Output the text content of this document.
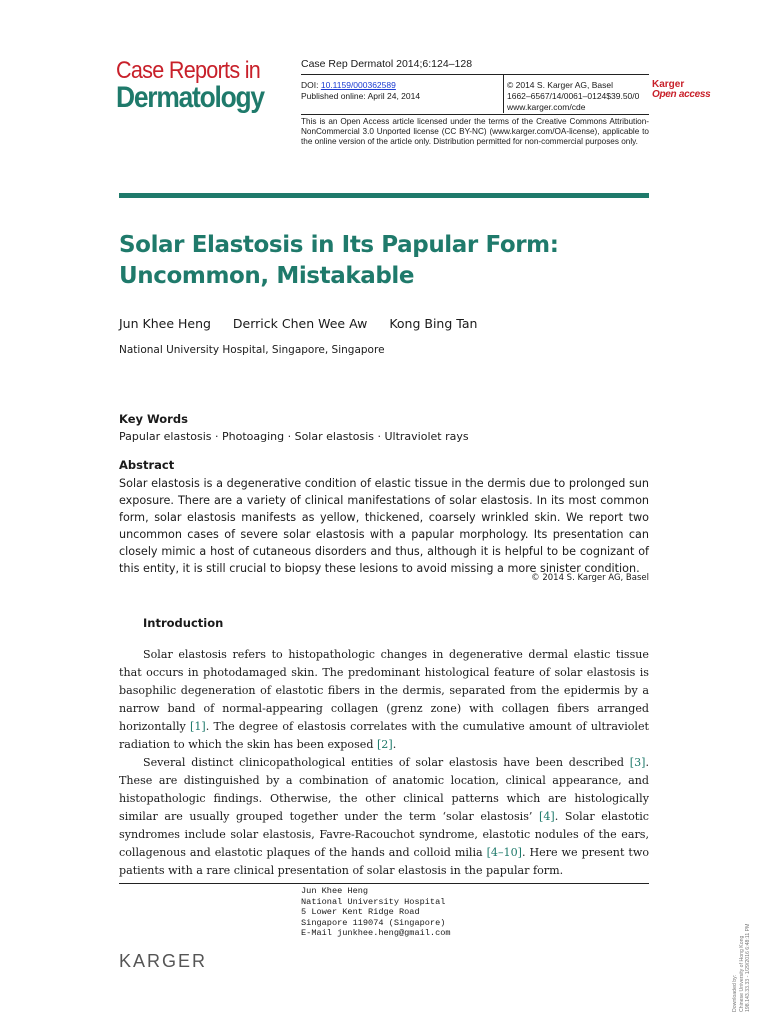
Case Reports in
Dermatology
Case Rep Dermatol 2014;6:124–128
DOI: 10.1159/000362589
Published online: April 24, 2014
© 2014 S. Karger AG, Basel
1662–6567/14/0061–0124$39.50/0
www.karger.com/cde
Karger
Open access
This is an Open Access article licensed under the terms of the Creative Commons Attribution-NonCommercial 3.0 Unported license (CC BY-NC) (www.karger.com/OA-license), applicable to the online version of the article only. Distribution permitted for non-commercial purposes only.
Solar Elastosis in Its Papular Form:
Uncommon, Mistakable
Jun Khee Heng Derrick Chen Wee Aw Kong Bing Tan
National University Hospital, Singapore, Singapore
Key Words
Papular elastosis · Photoaging · Solar elastosis · Ultraviolet rays
Abstract
Solar elastosis is a degenerative condition of elastic tissue in the dermis due to prolonged sun exposure. There are a variety of clinical manifestations of solar elastosis. In its most common form, solar elastosis manifests as yellow, thickened, coarsely wrinkled skin. We report two uncommon cases of severe solar elastosis with a papular morphology. Its presentation can closely mimic a host of cutaneous disorders and thus, although it is helpful to be cognizant of this entity, it is still crucial to biopsy these lesions to avoid missing a more sinister condition.
© 2014 S. Karger AG, Basel
Introduction

Solar elastosis refers to histopathologic changes in degenerative dermal elastic tissue that occurs in photodamaged skin. The predominant histological feature of solar elastosis is basophilic degeneration of elastotic fibers in the dermis, separated from the epidermis by a narrow band of normal-appearing collagen (grenz zone) with collagen fibers arranged horizontally [1]. The degree of elastosis correlates with the cumulative amount of ultraviolet radiation to which the skin has been exposed [2].

Several distinct clinicopathological entities of solar elastosis have been described [3]. These are distinguished by a combination of anatomic location, clinical appearance, and histopathologic findings. Otherwise, the other clinical patterns which are histologically similar are usually grouped together under the term ‘solar elastosis’ [4]. Solar elastotic syndromes include solar elastosis, Favre-Racouchot syndrome, elastotic nodules of the ears, collagenous and elastotic plaques of the hands and colloid milia [4–10]. Here we present two patients with a rare clinical presentation of solar elastosis in the papular form.

Jun Khee Heng
National University Hospital
5 Lower Kent Ridge Road
Singapore 119074 (Singapore)
E-Mail junkhee.heng@gmail.com
KARGER
Downloaded by: Chinese University of Hong Kong 198.143.33.33 - 1/29/2016 6:48:11 PM
